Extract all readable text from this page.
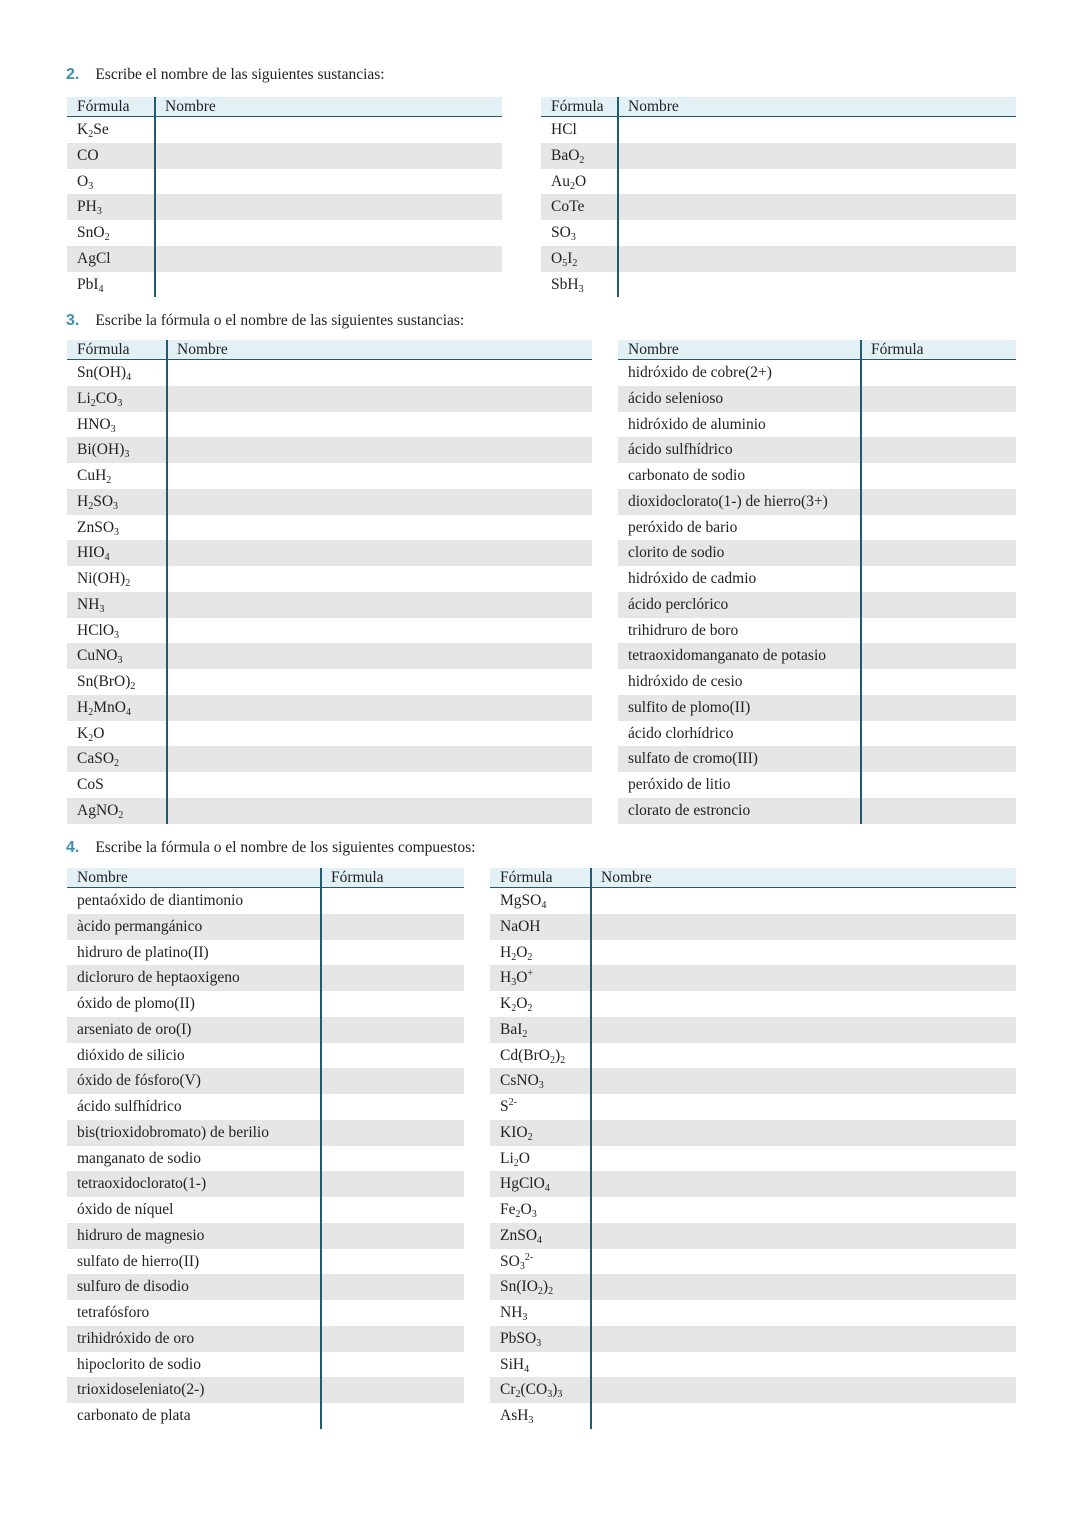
2. Escribe el nombre de las siguientes sustancias:
Fórmula	Nombre
$K_2Se$
CO
$O_3$
$PH_3$
SnO$_2$
AgCl
PbI$_4$
Fórmula	Nombre
HCl
BaO$_2$
$Au_2O$
CoTe
$SO_3$
$O_5I_2$
SbH$_3$
3. Escribe la fórmula o el nombre de las siguientes sustancias:
Fórmula	Nombre
$Sn(OH)_4$
$Li_2CO_3$
$HNO_3$
$Bi(OH)_3$
CuH$_2$
$H_2SO_3$
ZnSO$_3$
$HIO_4$
$Ni(OH)_2$
$NH_3$
HClO$_3$
CuNO$_3$
$Sn(BrO)_2$
$H_2MnO_4$
$K_2O$
CaSO$_2$
CoS
AgNO$_2$
Nombre	Fórmula
hidróxido de cobre(2+)
ácido selenioso
hidróxido de aluminio
ácido sulfhídrico
carbonato de sodio
dioxidoclorato(1-) de hierro(3+)
peróxido de bario
clorito de sodio
hidróxido de cadmio
ácido perclórico
trihidruro de boro
tetraoxidomanganato de potasio
hidróxido de cesio
sulfito de plomo(II)
ácido clorhídrico
sulfato de cromo(III)
peróxido de litio
clorato de estroncio
4. Escribe la fórmula o el nombre de los siguientes compuestos:
Nombre	Fórmula
pentaóxido de diantimonio
àcido permangánico
hidruro de platino(II)
dicloruro de heptaoxigeno
óxido de plomo(II)
arseniato de oro(I)
dióxido de silicio
óxido de fósforo(V)
ácido sulfhídrico
bis(trioxidobromato) de berilio
manganato de sodio
tetraoxidoclorato(1-)
óxido de níquel
hidruro de magnesio
sulfato de hierro(II)
sulfuro de disodio
tetrafósforo
trihidróxido de oro
hipoclorito de sodio
trioxidoseleniato(2-)
carbonato de plata
Fórmula	Nombre
MgSO$_4$
NaOH
$H_2O_2$
$H_3O^+$
$K_2O_2$
BaI$_2$
$Cd(BrO_2)_2$
CsNO$_3$
$S^{2-}$
$KIO_2$
$Li_2O$
HgClO$_4$
$Fe_2O_3$
ZnSO$_4$
$SO_3^{2-}$
$Sn(IO_2)_2$
$NH_3$
PbSO$_3$
SiH$_4$
$Cr_2(CO_3)_3$
AsH$_3$
